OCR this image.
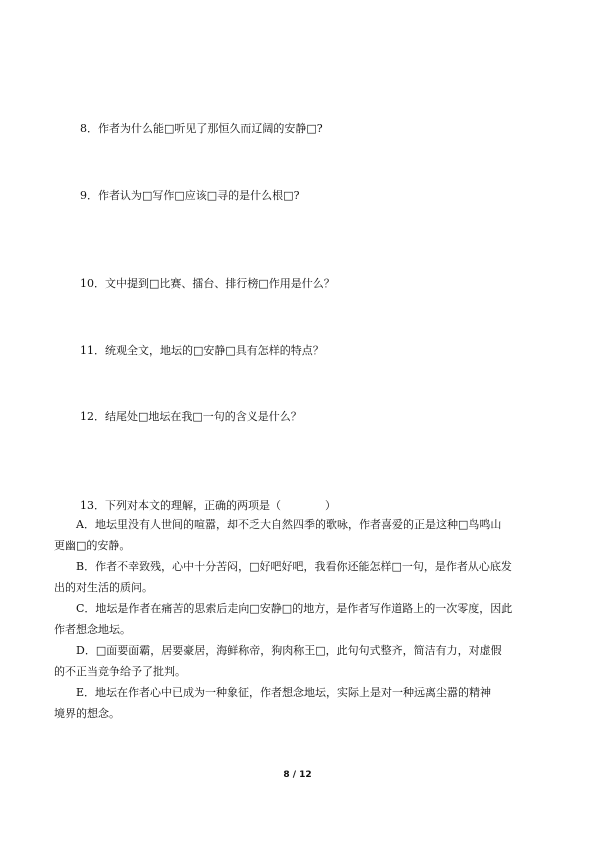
8．作者为什么能□听见了那恒久而辽阔的安静□?
9．作者认为□写作□应该□寻的是什么根□?
10．文中提到□比赛、擂台、排行榜□作用是什么？
11．统观全文，地坛的□安静□具有怎样的特点？
12．结尾处□地坛在我□一句的含义是什么？
13．下列对本文的理解，正确的两项是（　　　　）
A．地坛里没有人世间的喧嚣，却不乏大自然四季的歌咏，作者喜爱的正是这种□鸟鸣山
更幽□的安静。
B．作者不幸致残，心中十分苦闷，□好吧好吧，我看你还能怎样□一句，是作者从心底发
出的对生活的质问。
C．地坛是作者在痛苦的思索后走向□安静□的地方，是作者写作道路上的一次零度，因此
作者想念地坛。
D．□面要面霸，居要豪居，海鲜称帝，狗肉称王□，此句句式整齐，简洁有力，对虚假
的不正当竞争给予了批判。
E．地坛在作者心中已成为一种象征，作者想念地坛，实际上是对一种远离尘嚣的精神
境界的想念。
8 / 12
